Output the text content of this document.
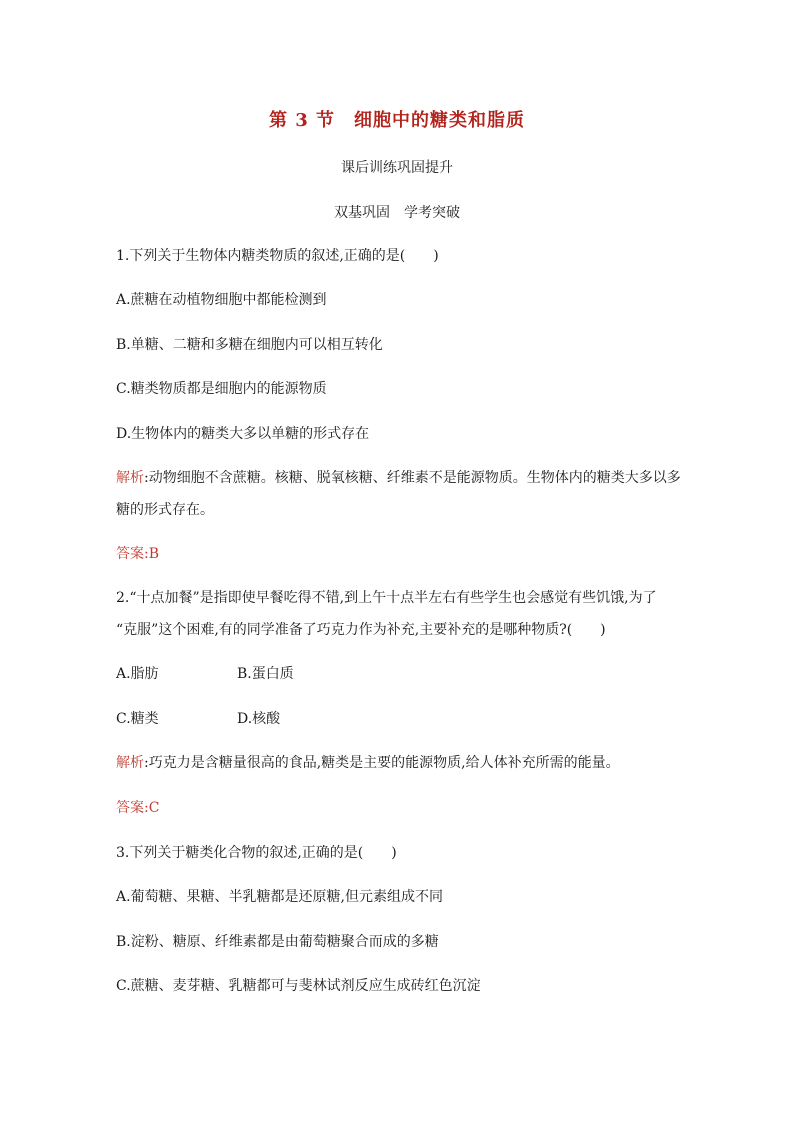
第 3 节　细胞中的糖类和脂质
课后训练巩固提升
双基巩固　学考突破
1.下列关于生物体内糖类物质的叙述,正确的是(　　)
A.蔗糖在动植物细胞中都能检测到
B.单糖、二糖和多糖在细胞内可以相互转化
C.糖类物质都是细胞内的能源物质
D.生物体内的糖类大多以单糖的形式存在
解析:动物细胞不含蔗糖。核糖、脱氧核糖、纤维素不是能源物质。生物体内的糖类大多以多
糖的形式存在。
答案:B
2.“十点加餐”是指即使早餐吃得不错,到上午十点半左右有些学生也会感觉有些饥饿,为了
“克服”这个困难,有的同学准备了巧克力作为补充,主要补充的是哪种物质?(　　)
A.脂肪	B.蛋白质
C.糖类	D.核酸
解析:巧克力是含糖量很高的食品,糖类是主要的能源物质,给人体补充所需的能量。
答案:C
3.下列关于糖类化合物的叙述,正确的是(　　)
A.葡萄糖、果糖、半乳糖都是还原糖,但元素组成不同
B.淀粉、糖原、纤维素都是由葡萄糖聚合而成的多糖
C.蔗糖、麦芽糖、乳糖都可与斐林试剂反应生成砖红色沉淀
